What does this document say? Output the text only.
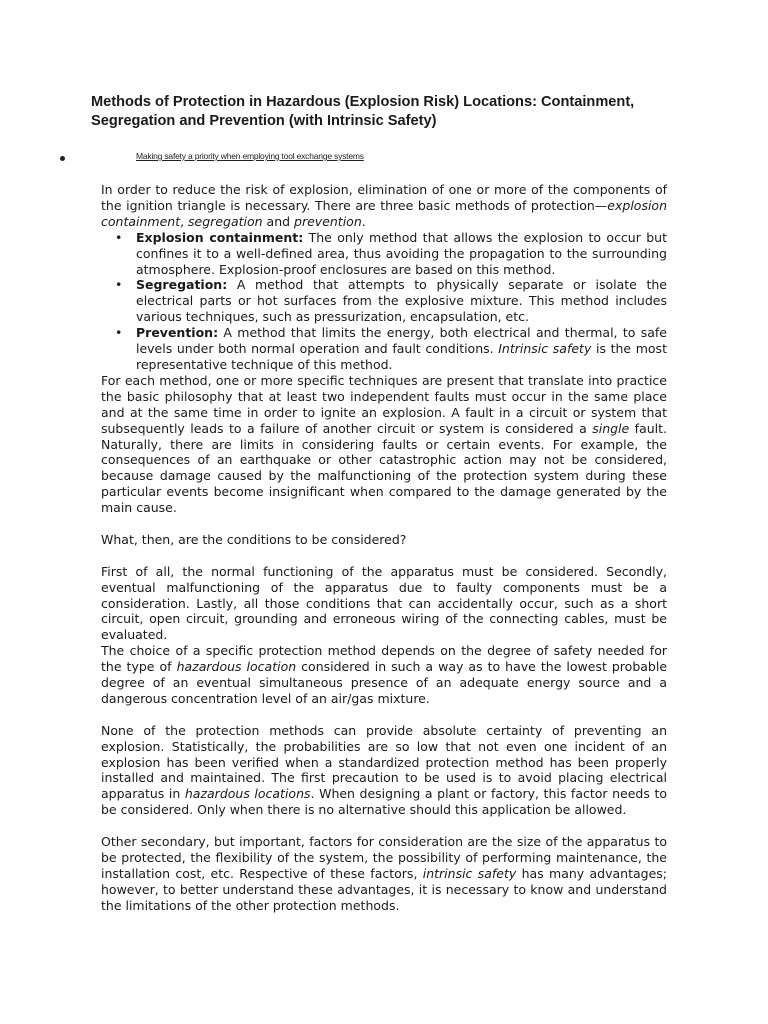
Methods of Protection in Hazardous (Explosion Risk) Locations: Containment, Segregation and Prevention (with Intrinsic Safety)
Making safety a priority when employing tool exchange systems

In order to reduce the risk of explosion, elimination of one or more of the components of the ignition triangle is necessary. There are three basic methods of protection—explosion containment, segregation and prevention.

• Explosion containment: The only method that allows the explosion to occur but confines it to a well-defined area, thus avoiding the propagation to the surrounding atmosphere. Explosion-proof enclosures are based on this method.
• Segregation: A method that attempts to physically separate or isolate the electrical parts or hot surfaces from the explosive mixture. This method includes various techniques, such as pressurization, encapsulation, etc.
• Prevention: A method that limits the energy, both electrical and thermal, to safe levels under both normal operation and fault conditions. Intrinsic safety is the most representative technique of this method.

For each method, one or more specific techniques are present that translate into practice the basic philosophy that at least two independent faults must occur in the same place and at the same time in order to ignite an explosion. A fault in a circuit or system that subsequently leads to a failure of another circuit or system is considered a single fault. Naturally, there are limits in considering faults or certain events. For example, the consequences of an earthquake or other catastrophic action may not be considered, because damage caused by the malfunctioning of the protection system during these particular events become insignificant when compared to the damage generated by the main cause.

What, then, are the conditions to be considered?

First of all, the normal functioning of the apparatus must be considered. Secondly, eventual malfunctioning of the apparatus due to faulty components must be a consideration. Lastly, all those conditions that can accidentally occur, such as a short circuit, open circuit, grounding and erroneous wiring of the connecting cables, must be evaluated.

The choice of a specific protection method depends on the degree of safety needed for the type of hazardous location considered in such a way as to have the lowest probable degree of an eventual simultaneous presence of an adequate energy source and a dangerous concentration level of an air/gas mixture.

None of the protection methods can provide absolute certainty of preventing an explosion. Statistically, the probabilities are so low that not even one incident of an explosion has been verified when a standardized protection method has been properly installed and maintained. The first precaution to be used is to avoid placing electrical apparatus in hazardous locations. When designing a plant or factory, this factor needs to be considered. Only when there is no alternative should this application be allowed.

Other secondary, but important, factors for consideration are the size of the apparatus to be protected, the flexibility of the system, the possibility of performing maintenance, the installation cost, etc. Respective of these factors, intrinsic safety has many advantages; however, to better understand these advantages, it is necessary to know and understand the limitations of the other protection methods.
